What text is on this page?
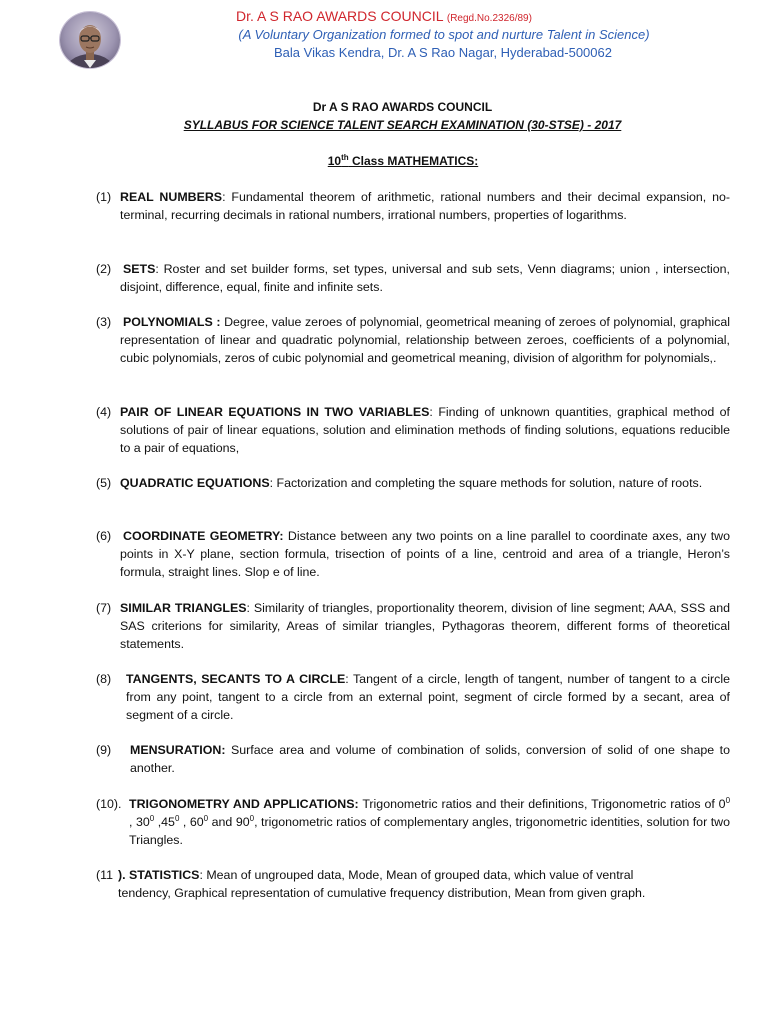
Dr. A S RAO AWARDS COUNCIL (Regd.No.2326/89)
(A Voluntary Organization formed to spot and nurture Talent in Science)
Bala Vikas Kendra, Dr. A S Rao Nagar, Hyderabad-500062
Dr A S RAO AWARDS COUNCIL
SYLLABUS FOR SCIENCE TALENT SEARCH EXAMINATION (30-STSE) - 2017
10th Class MATHEMATICS:
(1) REAL NUMBERS: Fundamental theorem of arithmetic, rational numbers and their decimal expansion, no-terminal, recurring decimals in rational numbers, irrational numbers, properties of logarithms.
(2) SETS: Roster and set builder forms, set types, universal and sub sets, Venn diagrams; union , intersection, disjoint, difference, equal, finite and infinite sets.
(3) POLYNOMIALS : Degree, value zeroes of polynomial, geometrical meaning of zeroes of polynomial, graphical representation of linear and quadratic polynomial, relationship between zeroes, coefficients of a polynomial, cubic polynomials, zeros of cubic polynomial and geometrical meaning, division of algorithm for polynomials,.
(4) PAIR OF LINEAR EQUATIONS IN TWO VARIABLES: Finding of unknown quantities, graphical method of solutions of pair of linear equations, solution and elimination methods of finding solutions, equations reducible to a pair of equations,
(5) QUADRATIC EQUATIONS: Factorization and completing the square methods for solution, nature of roots.
(6) COORDINATE GEOMETRY: Distance between any two points on a line parallel to coordinate axes, any two points in X-Y plane, section formula, trisection of points of a line, centroid and area of a triangle, Heron’s formula, straight lines. Slop e of line.
(7) SIMILAR TRIANGLES: Similarity of triangles, proportionality theorem, division of line segment; AAA, SSS and SAS criterions for similarity, Areas of similar triangles, Pythagoras theorem, different forms of theoretical statements.
(8) TANGENTS, SECANTS TO A CIRCLE: Tangent of a circle, length of tangent, number of tangent to a circle from any point, tangent to a circle from an external point, segment of circle formed by a secant, area of segment of a circle.
(9) MENSURATION: Surface area and volume of combination of solids, conversion of solid of one shape to another.
(10). TRIGONOMETRY AND APPLICATIONS: Trigonometric ratios and their definitions, Trigonometric ratios of $0^0$ , $30^0$ $,45^0$ , $60^0$ and $90^0$, trigonometric ratios of complementary angles, trigonometric identities, solution for two Triangles.
(11 ). STATISTICS: Mean of ungrouped data, Mode, Mean of grouped data, which value of ventral tendency, Graphical representation of cumulative frequency distribution, Mean from given graph.
